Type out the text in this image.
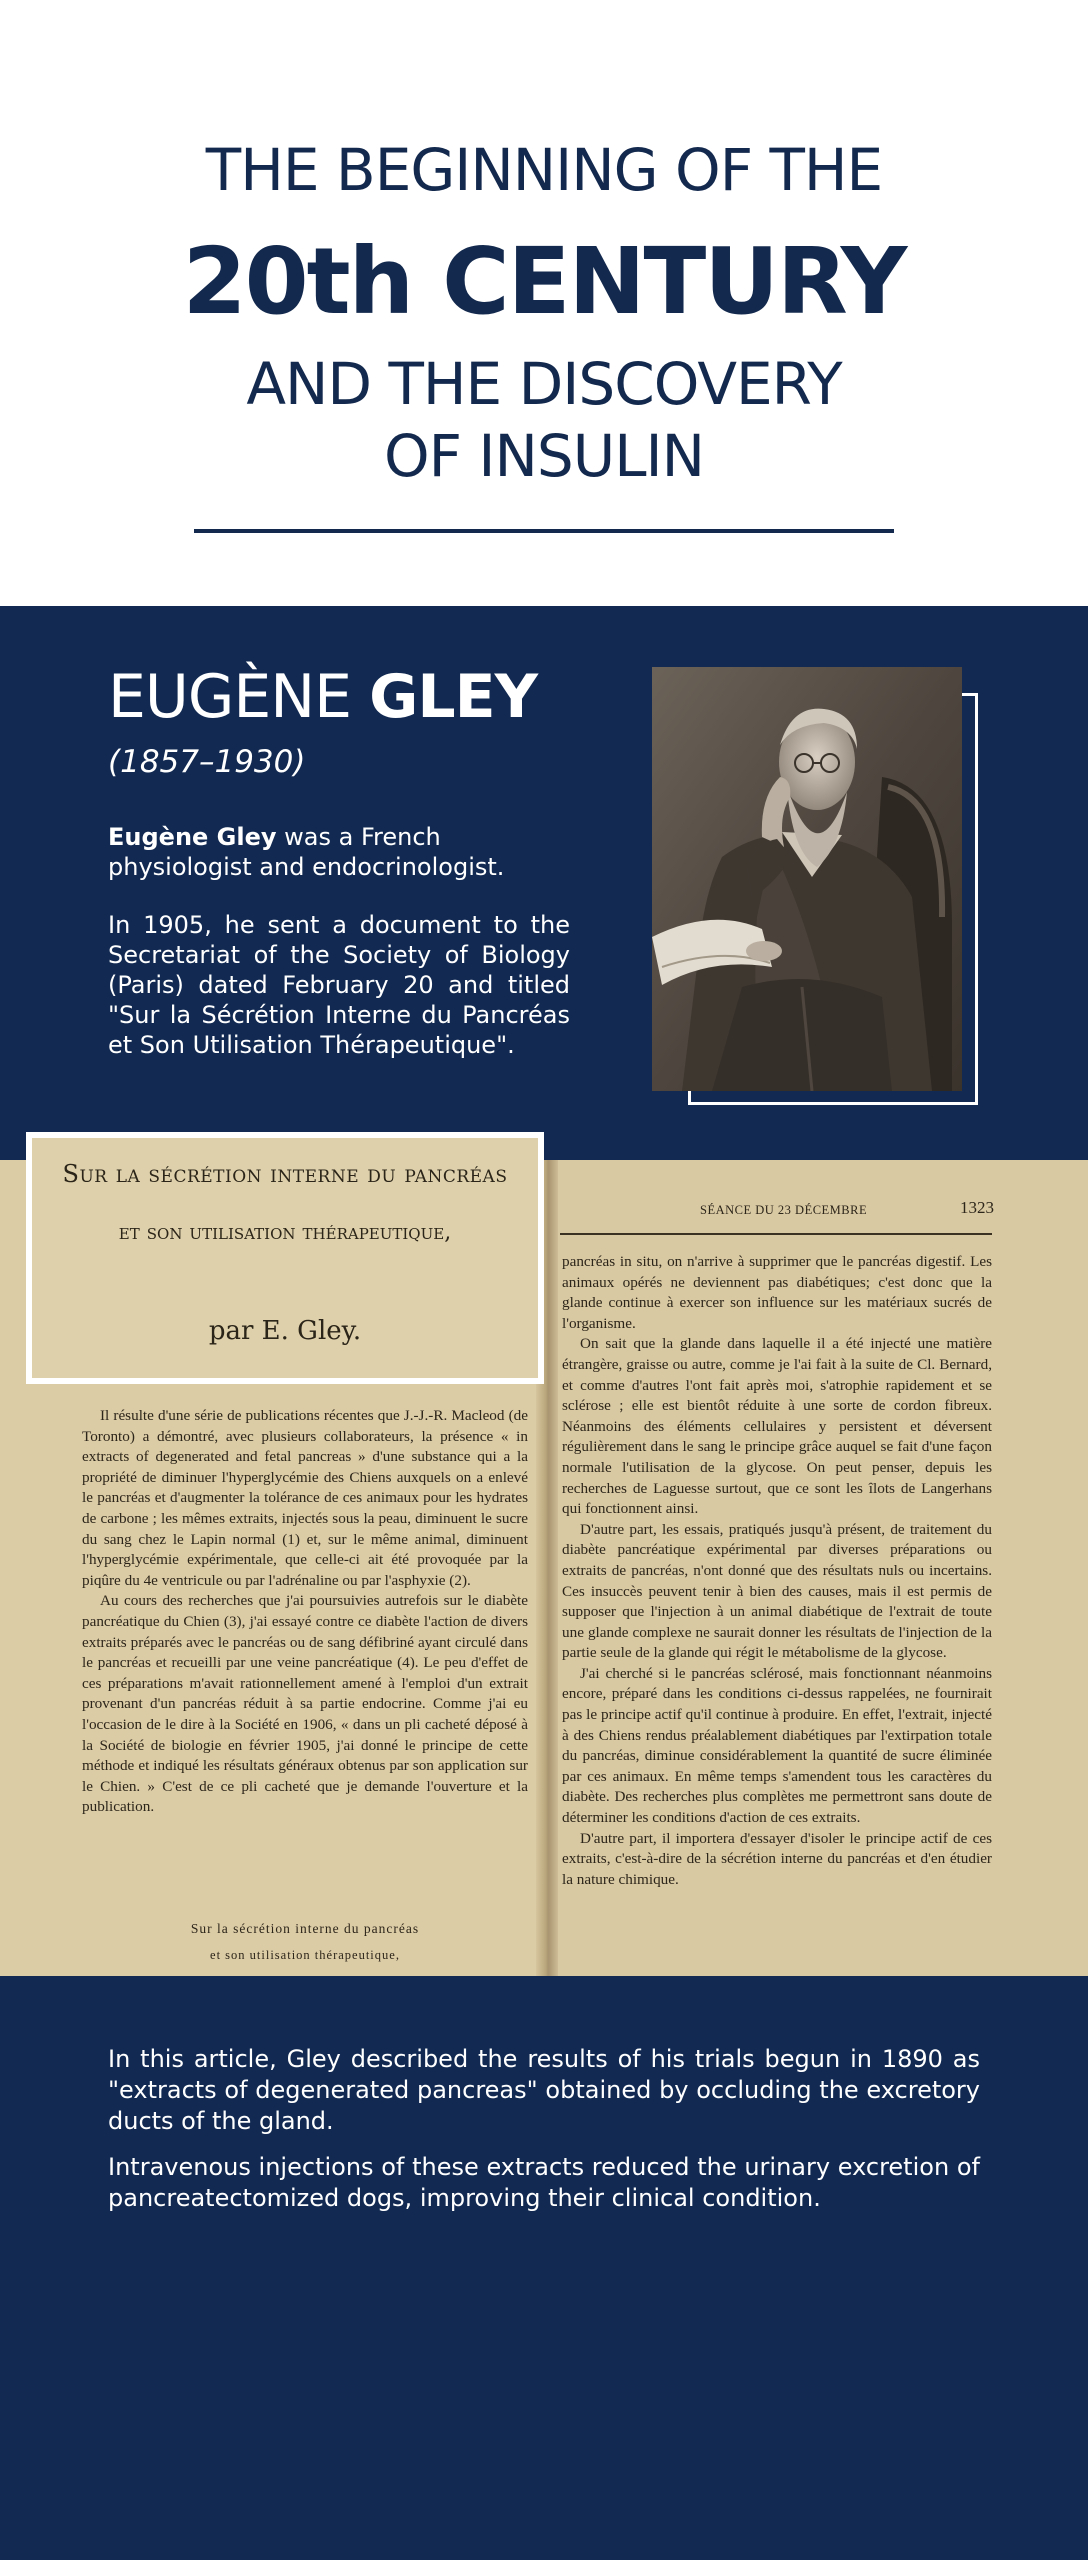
THE BEGINNING OF THE
20th CENTURY
AND THE DISCOVERY
OF INSULIN
EUGÈNE GLEY
(1857–1930)
Eugène Gley was a French physiologist and endocrinologist.
In 1905, he sent a document to the Secretariat of the Society of Biology (Paris) dated February 20 and titled "Sur la Sécrétion Interne du Pancréas et Son Utilisation Thérapeutique".
SÉANCE DU 23 DÉCEMBRE	1323

pancréas in situ, on n'arrive à supprimer que le pancréas digestif. Les animaux opérés ne deviennent pas diabétiques; c'est donc que la glande continue à exercer son influence sur les matériaux sucrés de l'organisme.

On sait que la glande dans laquelle il a été injecté une matière étrangère, graisse ou autre, comme je l'ai fait à la suite de Cl. Bernard, et comme d'autres l'ont fait après moi, s'atrophie rapidement et se sclérose ; elle est bientôt réduite à une sorte de cordon fibreux. Néanmoins des éléments cellulaires y persistent et déversent régulièrement dans le sang le principe grâce auquel se fait d'une façon normale l'utilisation de la glycose. On peut penser, depuis les recherches de Laguesse surtout, que ce sont les îlots de Langerhans qui fonctionnent ainsi.

D'autre part, les essais, pratiqués jusqu'à présent, de traitement du diabète pancréatique expérimental par diverses préparations ou extraits de pancréas, n'ont donné que des résultats nuls ou incertains. Ces insuccès peuvent tenir à bien des causes, mais il est permis de supposer que l'injection à un animal diabétique de l'extrait de toute une glande complexe ne saurait donner les résultats de l'injection de la partie seule de la glande qui régit le métabolisme de la glycose.

J'ai cherché si le pancréas sclérosé, mais fonctionnant néanmoins encore, préparé dans les conditions ci-dessus rappelées, ne fournirait pas le principe actif qu'il continue à produire. En effet, l'extrait, injecté à des Chiens rendus préalablement diabétiques par l'extirpation totale du pancréas, diminue considérablement la quantité de sucre éliminée par ces animaux. En même temps s'amendent tous les caractères du diabète. Des recherches plus complètes me permettront sans doute de déterminer les conditions d'action de ces extraits.

D'autre part, il importera d'essayer d'isoler le principe actif de ces extraits, c'est-à-dire de la sécrétion interne du pancréas et d'en étudier la nature chimique.

Il résulte d'une série de publications récentes que J.-J.-R. Macleod (de Toronto) a démontré, avec plusieurs collaborateurs, la présence « in extracts of degenerated and fetal pancreas » d'une substance qui a la propriété de diminuer l'hyperglycémie des Chiens auxquels on a enlevé le pancréas et d'augmenter la tolérance de ces animaux pour les hydrates de carbone ; les mêmes extraits, injectés sous la peau, diminuent le sucre du sang chez le Lapin normal (1) et, sur le même animal, diminuent l'hyperglycémie expérimentale, que celle-ci ait été provoquée par la piqûre du 4e ventricule ou par l'adrénaline ou par l'asphyxie (2).

Au cours des recherches que j'ai poursuivies autrefois sur le diabète pancréatique du Chien (3), j'ai essayé contre ce diabète l'action de divers extraits préparés avec le pancréas ou de sang défibriné ayant circulé dans le pancréas et recueilli par une veine pancréatique (4). Le peu d'effet de ces préparations m'avait rationnellement amené à l'emploi d'un extrait provenant d'un pancréas réduit à sa partie endocrine. Comme j'ai eu l'occasion de le dire à la Société en 1906, « dans un pli cacheté déposé à la Société de biologie en février 1905, j'ai donné le principe de cette méthode et indiqué les résultats généraux obtenus par son application sur le Chien. » C'est de ce pli cacheté que je demande l'ouverture et la publication.

Sur la sécrétion interne du pancréas
et son utilisation thérapeutique,
Sur la sécrétion interne du pancréas
et son utilisation thérapeutique,
par E. Gley.
In this article, Gley described the results of his trials begun in 1890 as "extracts of degenerated pancreas" obtained by occluding the excretory ducts of the gland.
Intravenous injections of these extracts reduced the urinary excretion of pancreatectomized dogs, improving their clinical condition.
